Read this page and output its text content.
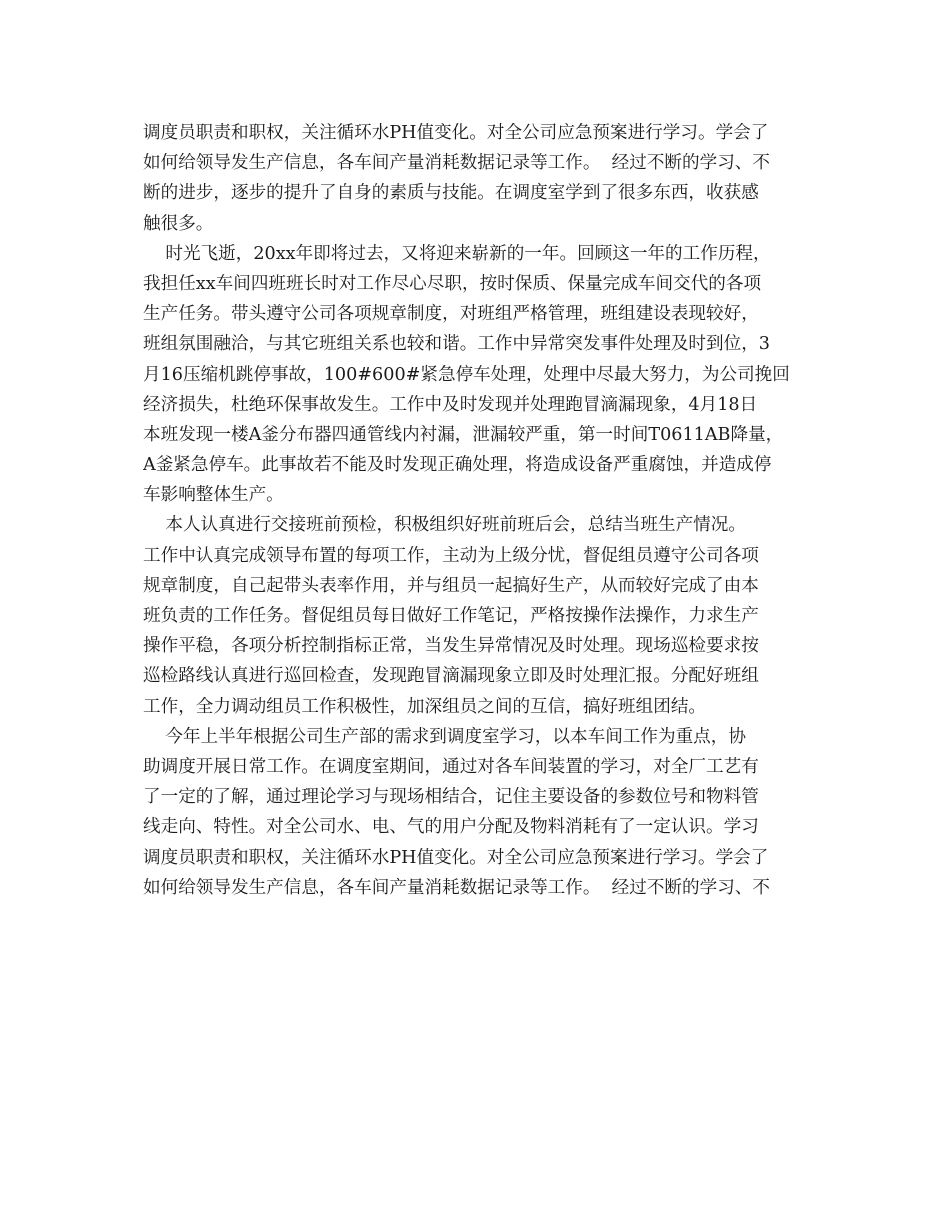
调度员职责和职权，关注循环水PH值变化。对全公司应急预案进行学习。学会了
如何给领导发生产信息，各车间产量消耗数据记录等工作。  经过不断的学习、不
断的进步，逐步的提升了自身的素质与技能。在调度室学到了很多东西，收获感
触很多。
时光飞逝，20xx年即将过去，又将迎来崭新的一年。回顾这一年的工作历程，
我担任xx车间四班班长时对工作尽心尽职，按时保质、保量完成车间交代的各项
生产任务。带头遵守公司各项规章制度，对班组严格管理，班组建设表现较好，
班组氛围融洽，与其它班组关系也较和谐。工作中异常突发事件处理及时到位，3
月16压缩机跳停事故，100#600#紧急停车处理，处理中尽最大努力，为公司挽回
经济损失，杜绝环保事故发生。工作中及时发现并处理跑冒滴漏现象，4月18日
本班发现一楼A釜分布器四通管线内衬漏，泄漏较严重，第一时间T0611AB降量，
A釜紧急停车。此事故若不能及时发现正确处理，将造成设备严重腐蚀，并造成停
车影响整体生产。
本人认真进行交接班前预检，积极组织好班前班后会，总结当班生产情况。
工作中认真完成领导布置的每项工作，主动为上级分忧，督促组员遵守公司各项
规章制度，自己起带头表率作用，并与组员一起搞好生产，从而较好完成了由本
班负责的工作任务。督促组员每日做好工作笔记，严格按操作法操作，力求生产
操作平稳，各项分析控制指标正常，当发生异常情况及时处理。现场巡检要求按
巡检路线认真进行巡回检查，发现跑冒滴漏现象立即及时处理汇报。分配好班组
工作，全力调动组员工作积极性，加深组员之间的互信，搞好班组团结。
今年上半年根据公司生产部的需求到调度室学习，以本车间工作为重点，协
助调度开展日常工作。在调度室期间，通过对各车间装置的学习，对全厂工艺有
了一定的了解，通过理论学习与现场相结合，记住主要设备的参数位号和物料管
线走向、特性。对全公司水、电、气的用户分配及物料消耗有了一定认识。学习
调度员职责和职权，关注循环水PH值变化。对全公司应急预案进行学习。学会了
如何给领导发生产信息，各车间产量消耗数据记录等工作。  经过不断的学习、不
